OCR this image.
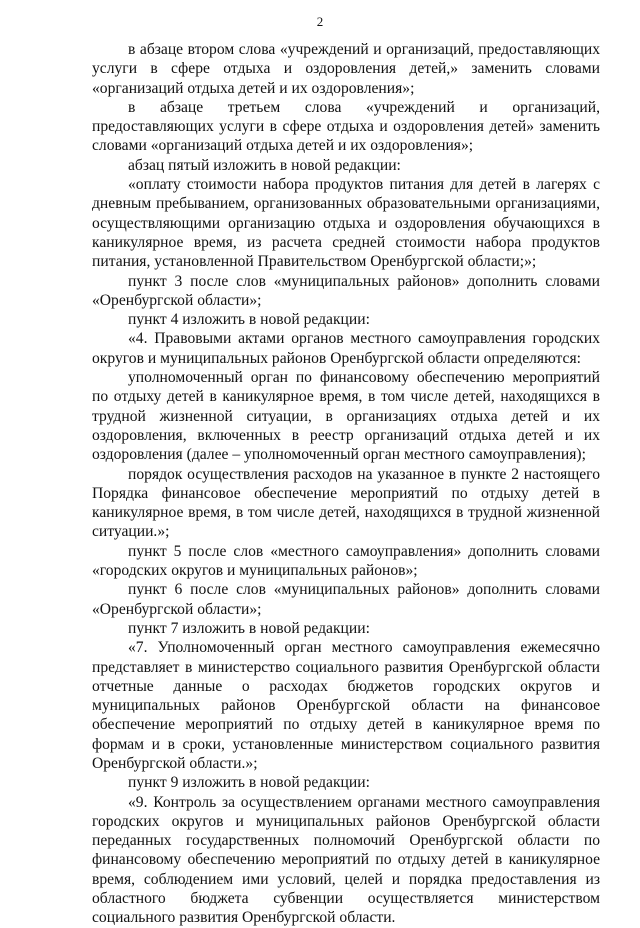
2

в абзаце втором слова «учреждений и организаций, предоставляющих услуги в сфере отдыха и оздоровления детей,» заменить словами «организаций отдыха детей и их оздоровления»;

в абзаце третьем слова «учреждений и организаций, предоставляющих услуги в сфере отдыха и оздоровления детей» заменить словами «организаций отдыха детей и их оздоровления»;

абзац пятый изложить в новой редакции:

«оплату стоимости набора продуктов питания для детей в лагерях с дневным пребыванием, организованных образовательными организациями, осуществляющими организацию отдыха и оздоровления обучающихся в каникулярное время, из расчета средней стоимости набора продуктов питания, установленной Правительством Оренбургской области;»;

пункт 3 после слов «муниципальных районов» дополнить словами «Оренбургской области»;

пункт 4 изложить в новой редакции:

«4. Правовыми актами органов местного самоуправления городских округов и муниципальных районов Оренбургской области определяются:

уполномоченный орган по финансовому обеспечению мероприятий по отдыху детей в каникулярное время, в том числе детей, находящихся в трудной жизненной ситуации, в организациях отдыха детей и их оздоровления, включенных в реестр организаций отдыха детей и их оздоровления (далее – уполномоченный орган местного самоуправления);

порядок осуществления расходов на указанное в пункте 2 настоящего Порядка финансовое обеспечение мероприятий по отдыху детей в каникулярное время, в том числе детей, находящихся в трудной жизненной ситуации.»;

пункт 5 после слов «местного самоуправления» дополнить словами «городских округов и муниципальных районов»;

пункт 6 после слов «муниципальных районов» дополнить словами «Оренбургской области»;

пункт 7 изложить в новой редакции:

«7. Уполномоченный орган местного самоуправления ежемесячно представляет в министерство социального развития Оренбургской области отчетные данные о расходах бюджетов городских округов и муниципальных районов Оренбургской области на финансовое обеспечение мероприятий по отдыху детей в каникулярное время по формам и в сроки, установленные министерством социального развития Оренбургской области.»;

пункт 9 изложить в новой редакции:

«9. Контроль за осуществлением органами местного самоуправления городских округов и муниципальных районов Оренбургской области переданных государственных полномочий Оренбургской области по финансовому обеспечению мероприятий по отдыху детей в каникулярное время, соблюдением ими условий, целей и порядка предоставления из областного бюджета субвенции осуществляется министерством социального развития Оренбургской области.
